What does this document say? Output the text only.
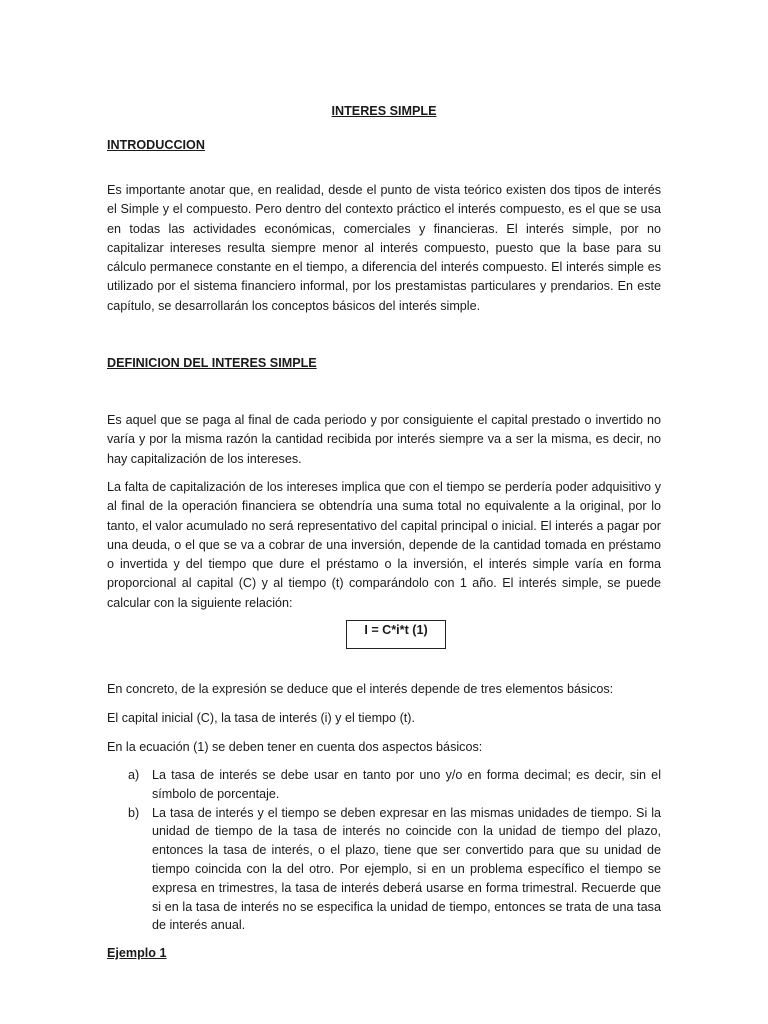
INTERES SIMPLE
INTRODUCCION

Es importante anotar que, en realidad, desde el punto de vista teórico existen dos tipos de interés el Simple y el compuesto. Pero dentro del contexto práctico el interés compuesto, es el que se usa en todas las actividades económicas, comerciales y financieras. El interés simple, por no capitalizar intereses resulta siempre menor al interés compuesto, puesto que la base para su cálculo permanece constante en el tiempo, a diferencia del interés compuesto. El interés simple es utilizado por el sistema financiero informal, por los prestamistas particulares y prendarios. En este capítulo, se desarrollarán los conceptos básicos del interés simple.

DEFINICION DEL INTERES SIMPLE

Es aquel que se paga al final de cada periodo y por consiguiente el capital prestado o invertido no varía y por la misma razón la cantidad recibida por interés siempre va a ser la misma, es decir, no hay capitalización de los intereses.

La falta de capitalización de los intereses implica que con el tiempo se perdería poder adquisitivo y al final de la operación financiera se obtendría una suma total no equivalente a la original, por lo tanto, el valor acumulado no será representativo del capital principal o inicial. El interés a pagar por una deuda, o el que se va a cobrar de una inversión, depende de la cantidad tomada en préstamo o invertida y del tiempo que dure el préstamo o la inversión, el interés simple varía en forma proporcional al capital (C) y al tiempo (t) comparándolo con 1 año. El interés simple, se puede calcular con la siguiente relación:

I = C*i*t (1)

En concreto, de la expresión se deduce que el interés depende de tres elementos básicos:

El capital inicial (C), la tasa de interés (i) y el tiempo (t).

En la ecuación (1) se deben tener en cuenta dos aspectos básicos:

a) La tasa de interés se debe usar en tanto por uno y/o en forma decimal; es decir, sin el símbolo de porcentaje.
b) La tasa de interés y el tiempo se deben expresar en las mismas unidades de tiempo. Si la unidad de tiempo de la tasa de interés no coincide con la unidad de tiempo del plazo, entonces la tasa de interés, o el plazo, tiene que ser convertido para que su unidad de tiempo coincida con la del otro. Por ejemplo, si en un problema específico el tiempo se expresa en trimestres, la tasa de interés deberá usarse en forma trimestral. Recuerde que si en la tasa de interés no se especifica la unidad de tiempo, entonces se trata de una tasa de interés anual.
Ejemplo 1
